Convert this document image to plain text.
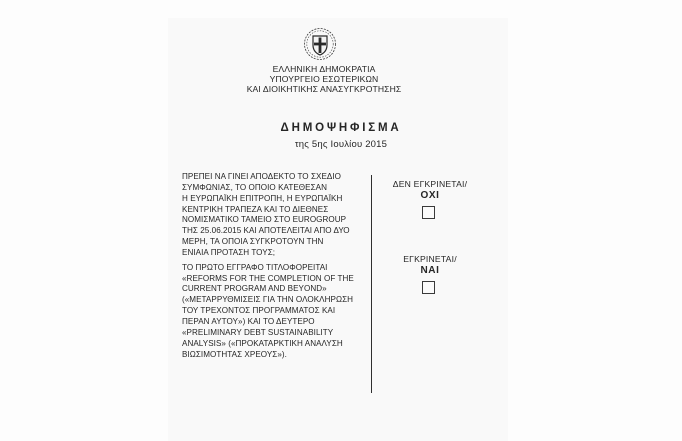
ΕΛΛΗΝΙΚΗ ΔΗΜΟΚΡΑΤΙΑ
ΥΠΟΥΡΓΕΙΟ ΕΣΩΤΕΡΙΚΩΝ
ΚΑΙ ΔΙΟΙΚΗΤΙΚΗΣ ΑΝΑΣΥΓΚΡΟΤΗΣΗΣ
ΔΗΜΟΨΗΦΙΣΜΑ
της 5ης Ιουλίου 2015
ΠΡΕΠΕΙ ΝΑ ΓΙΝΕΙ ΑΠΟΔΕΚΤΟ ΤΟ ΣΧΕΔΙΟ
ΣΥΜΦΩΝΙΑΣ, ΤΟ ΟΠΟΙΟ ΚΑΤΕΘΕΣΑΝ
Η ΕΥΡΩΠΑΪΚΗ ΕΠΙΤΡΟΠΗ, Η ΕΥΡΩΠΑΪΚΗ
ΚΕΝΤΡΙΚΗ ΤΡΑΠΕΖΑ ΚΑΙ ΤΟ ΔΙΕΘΝΕΣ
ΝΟΜΙΣΜΑΤΙΚΟ ΤΑΜΕΙΟ ΣΤΟ EUROGROUP
ΤΗΣ 25.06.2015 ΚΑΙ ΑΠΟΤΕΛΕΙΤΑΙ ΑΠΟ ΔΥΟ
ΜΕΡΗ, ΤΑ ΟΠΟΙΑ ΣΥΓΚΡΟΤΟΥΝ ΤΗΝ
ΕΝΙΑΙΑ ΠΡΟΤΑΣΗ ΤΟΥΣ;
ΤΟ ΠΡΩΤΟ ΕΓΓΡΑΦΟ ΤΙΤΛΟΦΟΡΕΙΤΑΙ
«REFORMS FOR THE COMPLETION OF THE
CURRENT PROGRAM AND BEYOND»
(«ΜΕΤΑΡΡΥΘΜΙΣΕΙΣ ΓΙΑ ΤΗΝ ΟΛΟΚΛΗΡΩΣΗ
ΤΟΥ ΤΡΕΧΟΝΤΟΣ ΠΡΟΓΡΑΜΜΑΤΟΣ ΚΑΙ
ΠΕΡΑΝ ΑΥΤΟΥ») ΚΑΙ ΤΟ ΔΕΥΤΕΡΟ
«PRELIMINARY DEBT SUSTAINABILITY
ANALYSIS» («ΠΡΟΚΑΤΑΡΚΤΙΚΗ ΑΝΑΛΥΣΗ
ΒΙΩΣΙΜΟΤΗΤΑΣ ΧΡΕΟΥΣ»).
ΔΕΝ ΕΓΚΡΙΝΕΤΑΙ/
ΟΧΙ
ΕΓΚΡΙΝΕΤΑΙ/
ΝΑΙ
